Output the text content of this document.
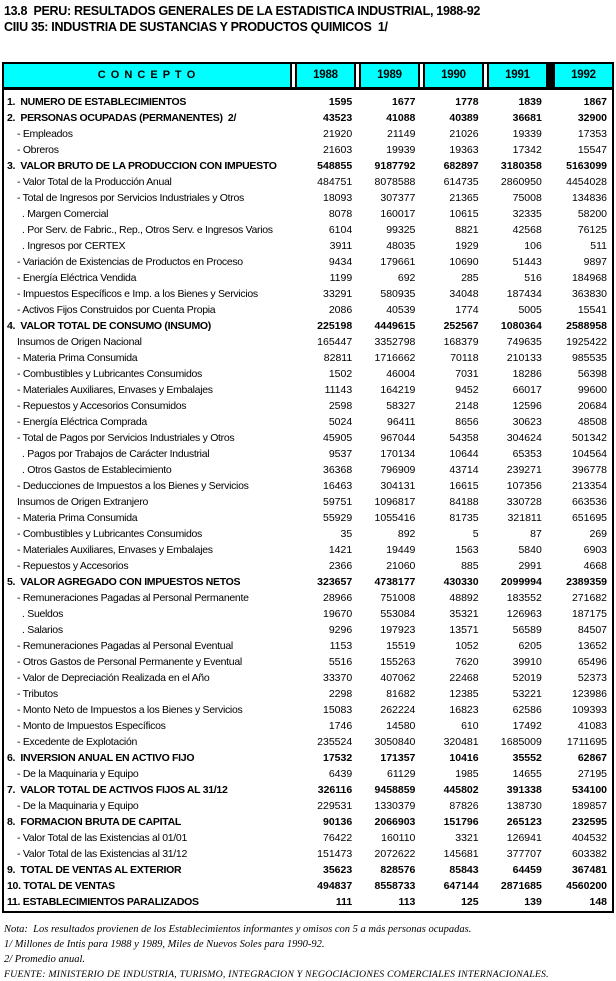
13.8  PERU: RESULTADOS GENERALES DE LA ESTADISTICA INDUSTRIAL, 1988-92
CIIU 35: INDUSTRIA DE SUSTANCIAS Y PRODUCTOS QUIMICOS  1/
C O N C E P T O	1988	1989	1990	1991	1992
1.  NUMERO DE ESTABLECIMIENTOS	1595	1677	1778	1839	1867
2.  PERSONAS OCUPADAS (PERMANENTES)  2/	43523	41088	40389	36681	32900
- Empleados	21920	21149	21026	19339	17353
- Obreros	21603	19939	19363	17342	15547
3.  VALOR BRUTO DE LA PRODUCCION CON IMPUESTO	548855	9187792	682897	3180358	5163099
- Valor Total de la Producción Anual	484751	8078588	614735	2860950	4454028
- Total de Ingresos por Servicios Industriales y Otros	18093	307377	21365	75008	134836
. Margen Comercial	8078	160017	10615	32335	58200
. Por Serv. de Fabric., Rep., Otros Serv. e Ingresos Varios	6104	99325	8821	42568	76125
. Ingresos por CERTEX	3911	48035	1929	106	511
- Variación de Existencias de Productos en Proceso	9434	179661	10690	51443	9897
- Energía Eléctrica Vendida	1199	692	285	516	184968
- Impuestos Específicos e Imp. a los Bienes y Servicios	33291	580935	34048	187434	363830
- Activos Fijos Construidos por Cuenta Propia	2086	40539	1774	5005	15541
4.  VALOR TOTAL DE CONSUMO (INSUMO)	225198	4449615	252567	1080364	2588958
Insumos de Origen Nacional	165447	3352798	168379	749635	1925422
- Materia Prima Consumida	82811	1716662	70118	210133	985535
- Combustibles y Lubricantes Consumidos	1502	46004	7031	18286	56398
- Materiales Auxiliares, Envases y Embalajes	11143	164219	9452	66017	99600
- Repuestos y Accesorios Consumidos	2598	58327	2148	12596	20684
- Energía Eléctrica Comprada	5024	96411	8656	30623	48508
- Total de Pagos por Servicios Industriales y Otros	45905	967044	54358	304624	501342
. Pagos por Trabajos de Carácter Industrial	9537	170134	10644	65353	104564
. Otros Gastos de Establecimiento	36368	796909	43714	239271	396778
- Deducciones de Impuestos a los Bienes y Servicios	16463	304131	16615	107356	213354
Insumos de Origen Extranjero	59751	1096817	84188	330728	663536
- Materia Prima Consumida	55929	1055416	81735	321811	651695
- Combustibles y Lubricantes Consumidos	35	892	5	87	269
- Materiales Auxiliares, Envases y Embalajes	1421	19449	1563	5840	6903
- Repuestos y Accesorios	2366	21060	885	2991	4668
5.  VALOR AGREGADO CON IMPUESTOS NETOS	323657	4738177	430330	2099994	2389359
- Remuneraciones Pagadas al Personal Permanente	28966	751008	48892	183552	271682
. Sueldos	19670	553084	35321	126963	187175
. Salarios	9296	197923	13571	56589	84507
- Remuneraciones Pagadas al Personal Eventual	1153	15519	1052	6205	13652
- Otros Gastos de Personal Permanente y Eventual	5516	155263	7620	39910	65496
- Valor de Depreciación Realizada en el Año	33370	407062	22468	52019	52373
- Tributos	2298	81682	12385	53221	123986
- Monto Neto de Impuestos a los Bienes y Servicios	15083	262224	16823	62586	109393
- Monto de Impuestos Específicos	1746	14580	610	17492	41083
- Excedente de Explotación	235524	3050840	320481	1685009	1711695
6.  INVERSION ANUAL EN ACTIVO FIJO	17532	171357	10416	35552	62867
- De la Maquinaria y Equipo	6439	61129	1985	14655	27195
7.  VALOR TOTAL DE ACTIVOS FIJOS AL 31/12	326116	9458859	445802	391338	534100
- De la Maquinaria y Equipo	229531	1330379	87826	138730	189857
8.  FORMACION BRUTA DE CAPITAL	90136	2066903	151796	265123	232595
- Valor Total de las Existencias al 01/01	76422	160110	3321	126941	404532
- Valor Total de las Existencias al 31/12	151473	2072622	145681	377707	603382
9.  TOTAL DE VENTAS AL EXTERIOR	35623	828576	85843	64459	367481
10. TOTAL DE VENTAS	494837	8558733	647144	2871685	4560200
11. ESTABLECIMIENTOS PARALIZADOS	111	113	125	139	148
Nota:  Los resultados provienen de los Establecimientos informantes y omisos con 5 a más personas ocupadas.
1/ Millones de Intis para 1988 y 1989, Miles de Nuevos Soles para 1990-92.
2/ Promedio anual.
FUENTE: MINISTERIO DE INDUSTRIA, TURISMO, INTEGRACION Y NEGOCIACIONES COMERCIALES INTERNACIONALES.
